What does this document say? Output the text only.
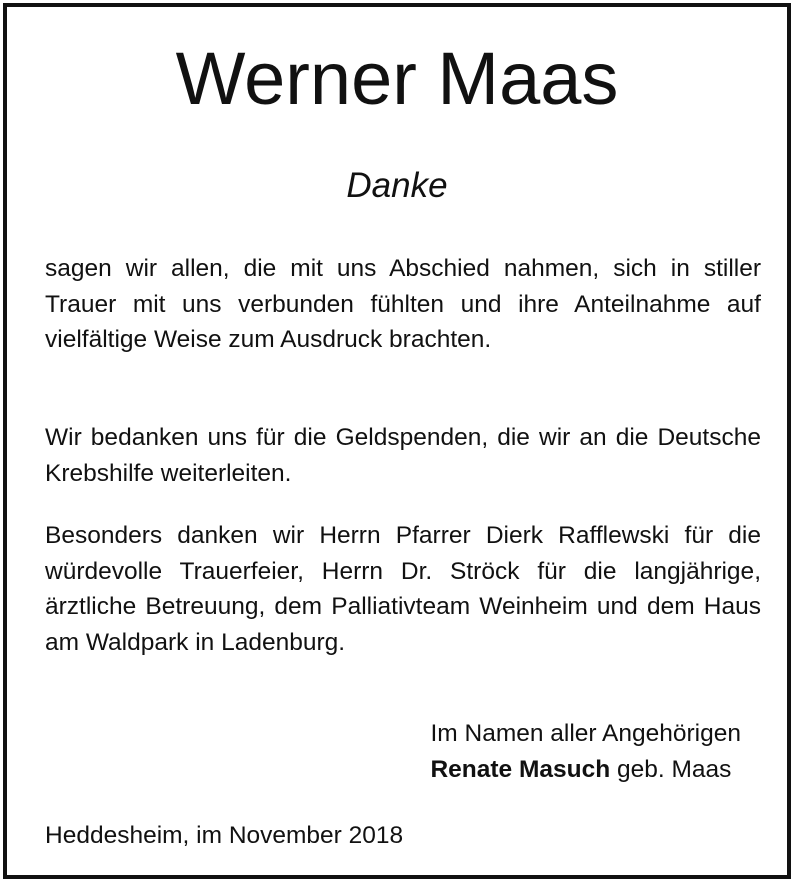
Werner Maas

Danke

sagen wir allen, die mit uns Abschied nahmen, sich in stiller Trauer mit uns verbunden fühlten und ihre Anteilnahme auf vielfältige Weise zum Ausdruck brachten.

Wir bedanken uns für die Geldspenden, die wir an die Deutsche Krebshilfe weiterleiten.

Besonders danken wir Herrn Pfarrer Dierk Rafflewski für die würdevolle Trauerfeier, Herrn Dr. Ströck für die langjährige, ärztliche Betreuung, dem Palliativteam Weinheim und dem Haus am Waldpark in Ladenburg.

Im Namen aller Angehörigen
Renate Masuch geb. Maas
Heddesheim, im November 2018
